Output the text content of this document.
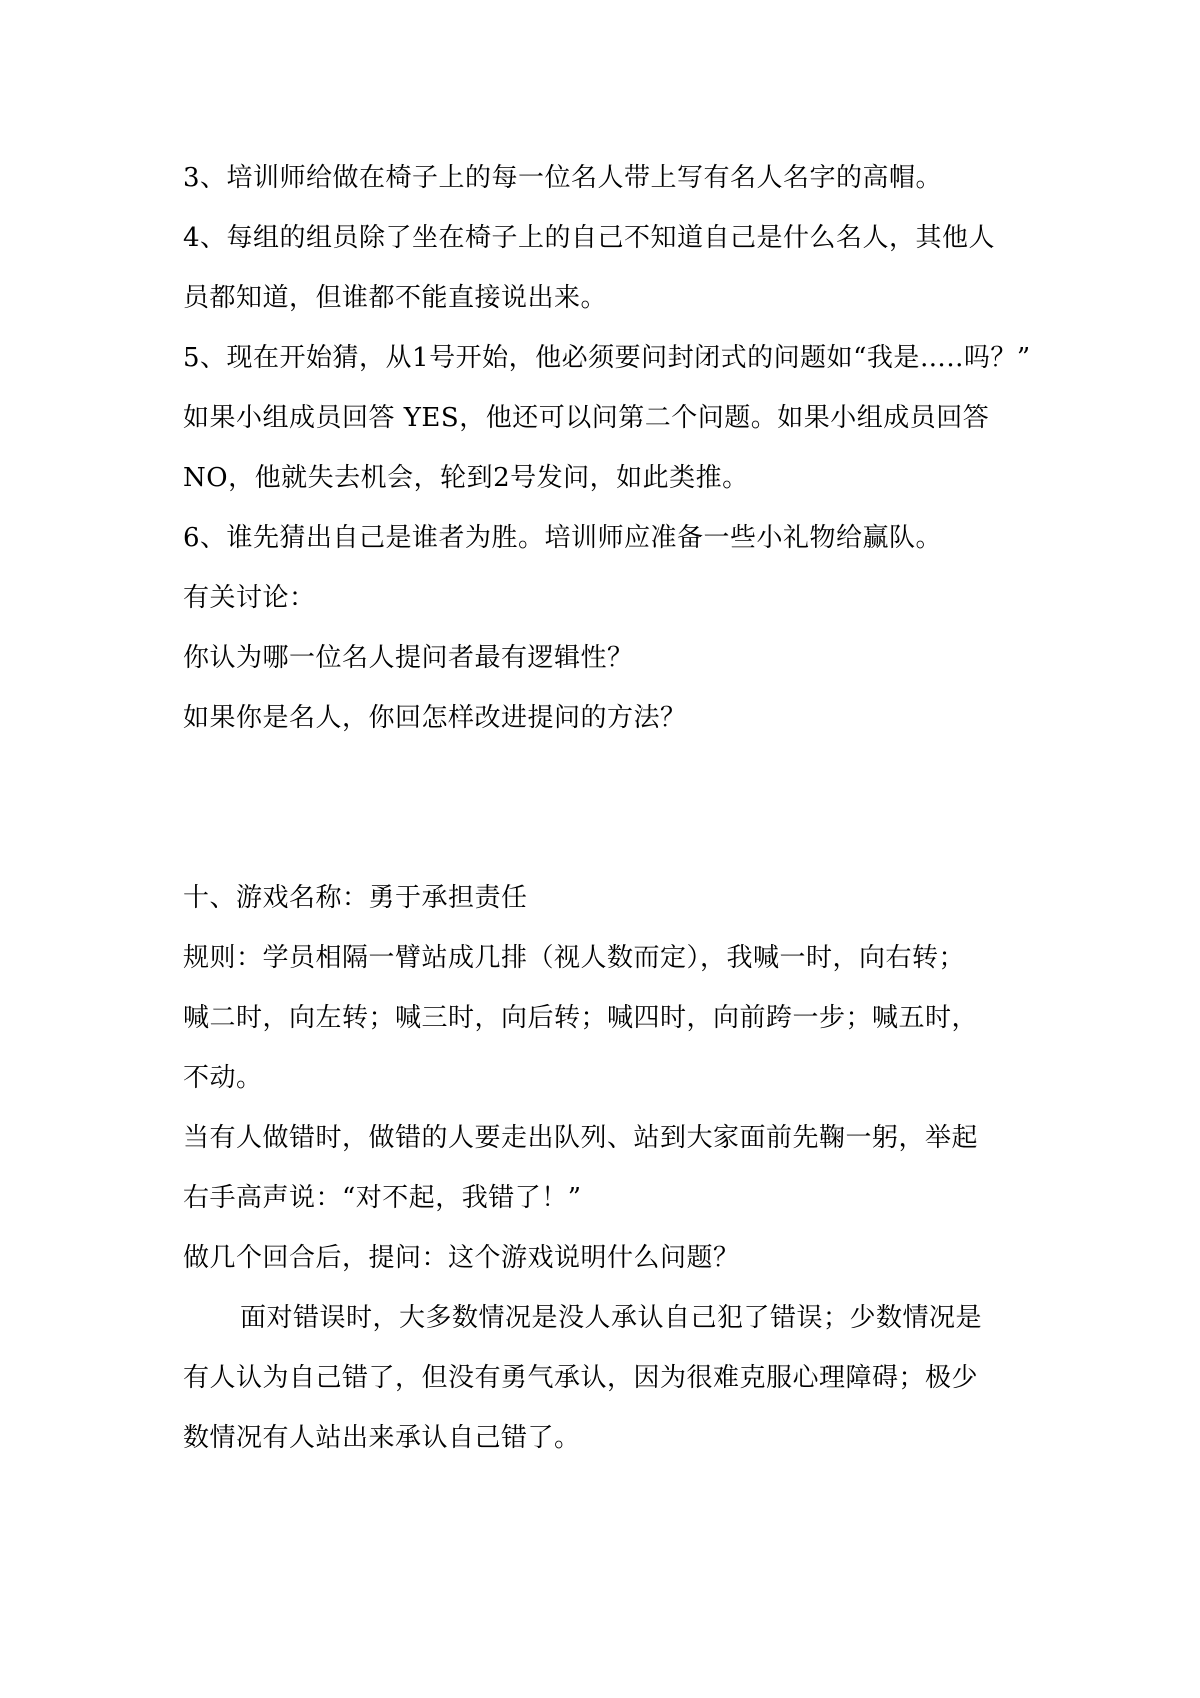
3、培训师给做在椅子上的每一位名人带上写有名人名字的高帽。
4、每组的组员除了坐在椅子上的自己不知道自己是什么名人，其他人
员都知道，但谁都不能直接说出来。
5、现在开始猜，从1号开始，他必须要问封闭式的问题如“我是…..吗？”
如果小组成员回答 YES，他还可以问第二个问题。如果小组成员回答
NO，他就失去机会，轮到2号发问，如此类推。
6、谁先猜出自己是谁者为胜。培训师应准备一些小礼物给赢队。
有关讨论：
你认为哪一位名人提问者最有逻辑性？
如果你是名人，你回怎样改进提问的方法？
十、游戏名称：勇于承担责任
规则：学员相隔一臂站成几排（视人数而定），我喊一时，向右转；
喊二时，向左转；喊三时，向后转；喊四时，向前跨一步；喊五时，
不动。
当有人做错时，做错的人要走出队列、站到大家面前先鞠一躬，举起
右手高声说：“对不起，我错了！”
做几个回合后，提问：这个游戏说明什么问题？
面对错误时，大多数情况是没人承认自己犯了错误；少数情况是
有人认为自己错了，但没有勇气承认，因为很难克服心理障碍；极少
数情况有人站出来承认自己错了。
